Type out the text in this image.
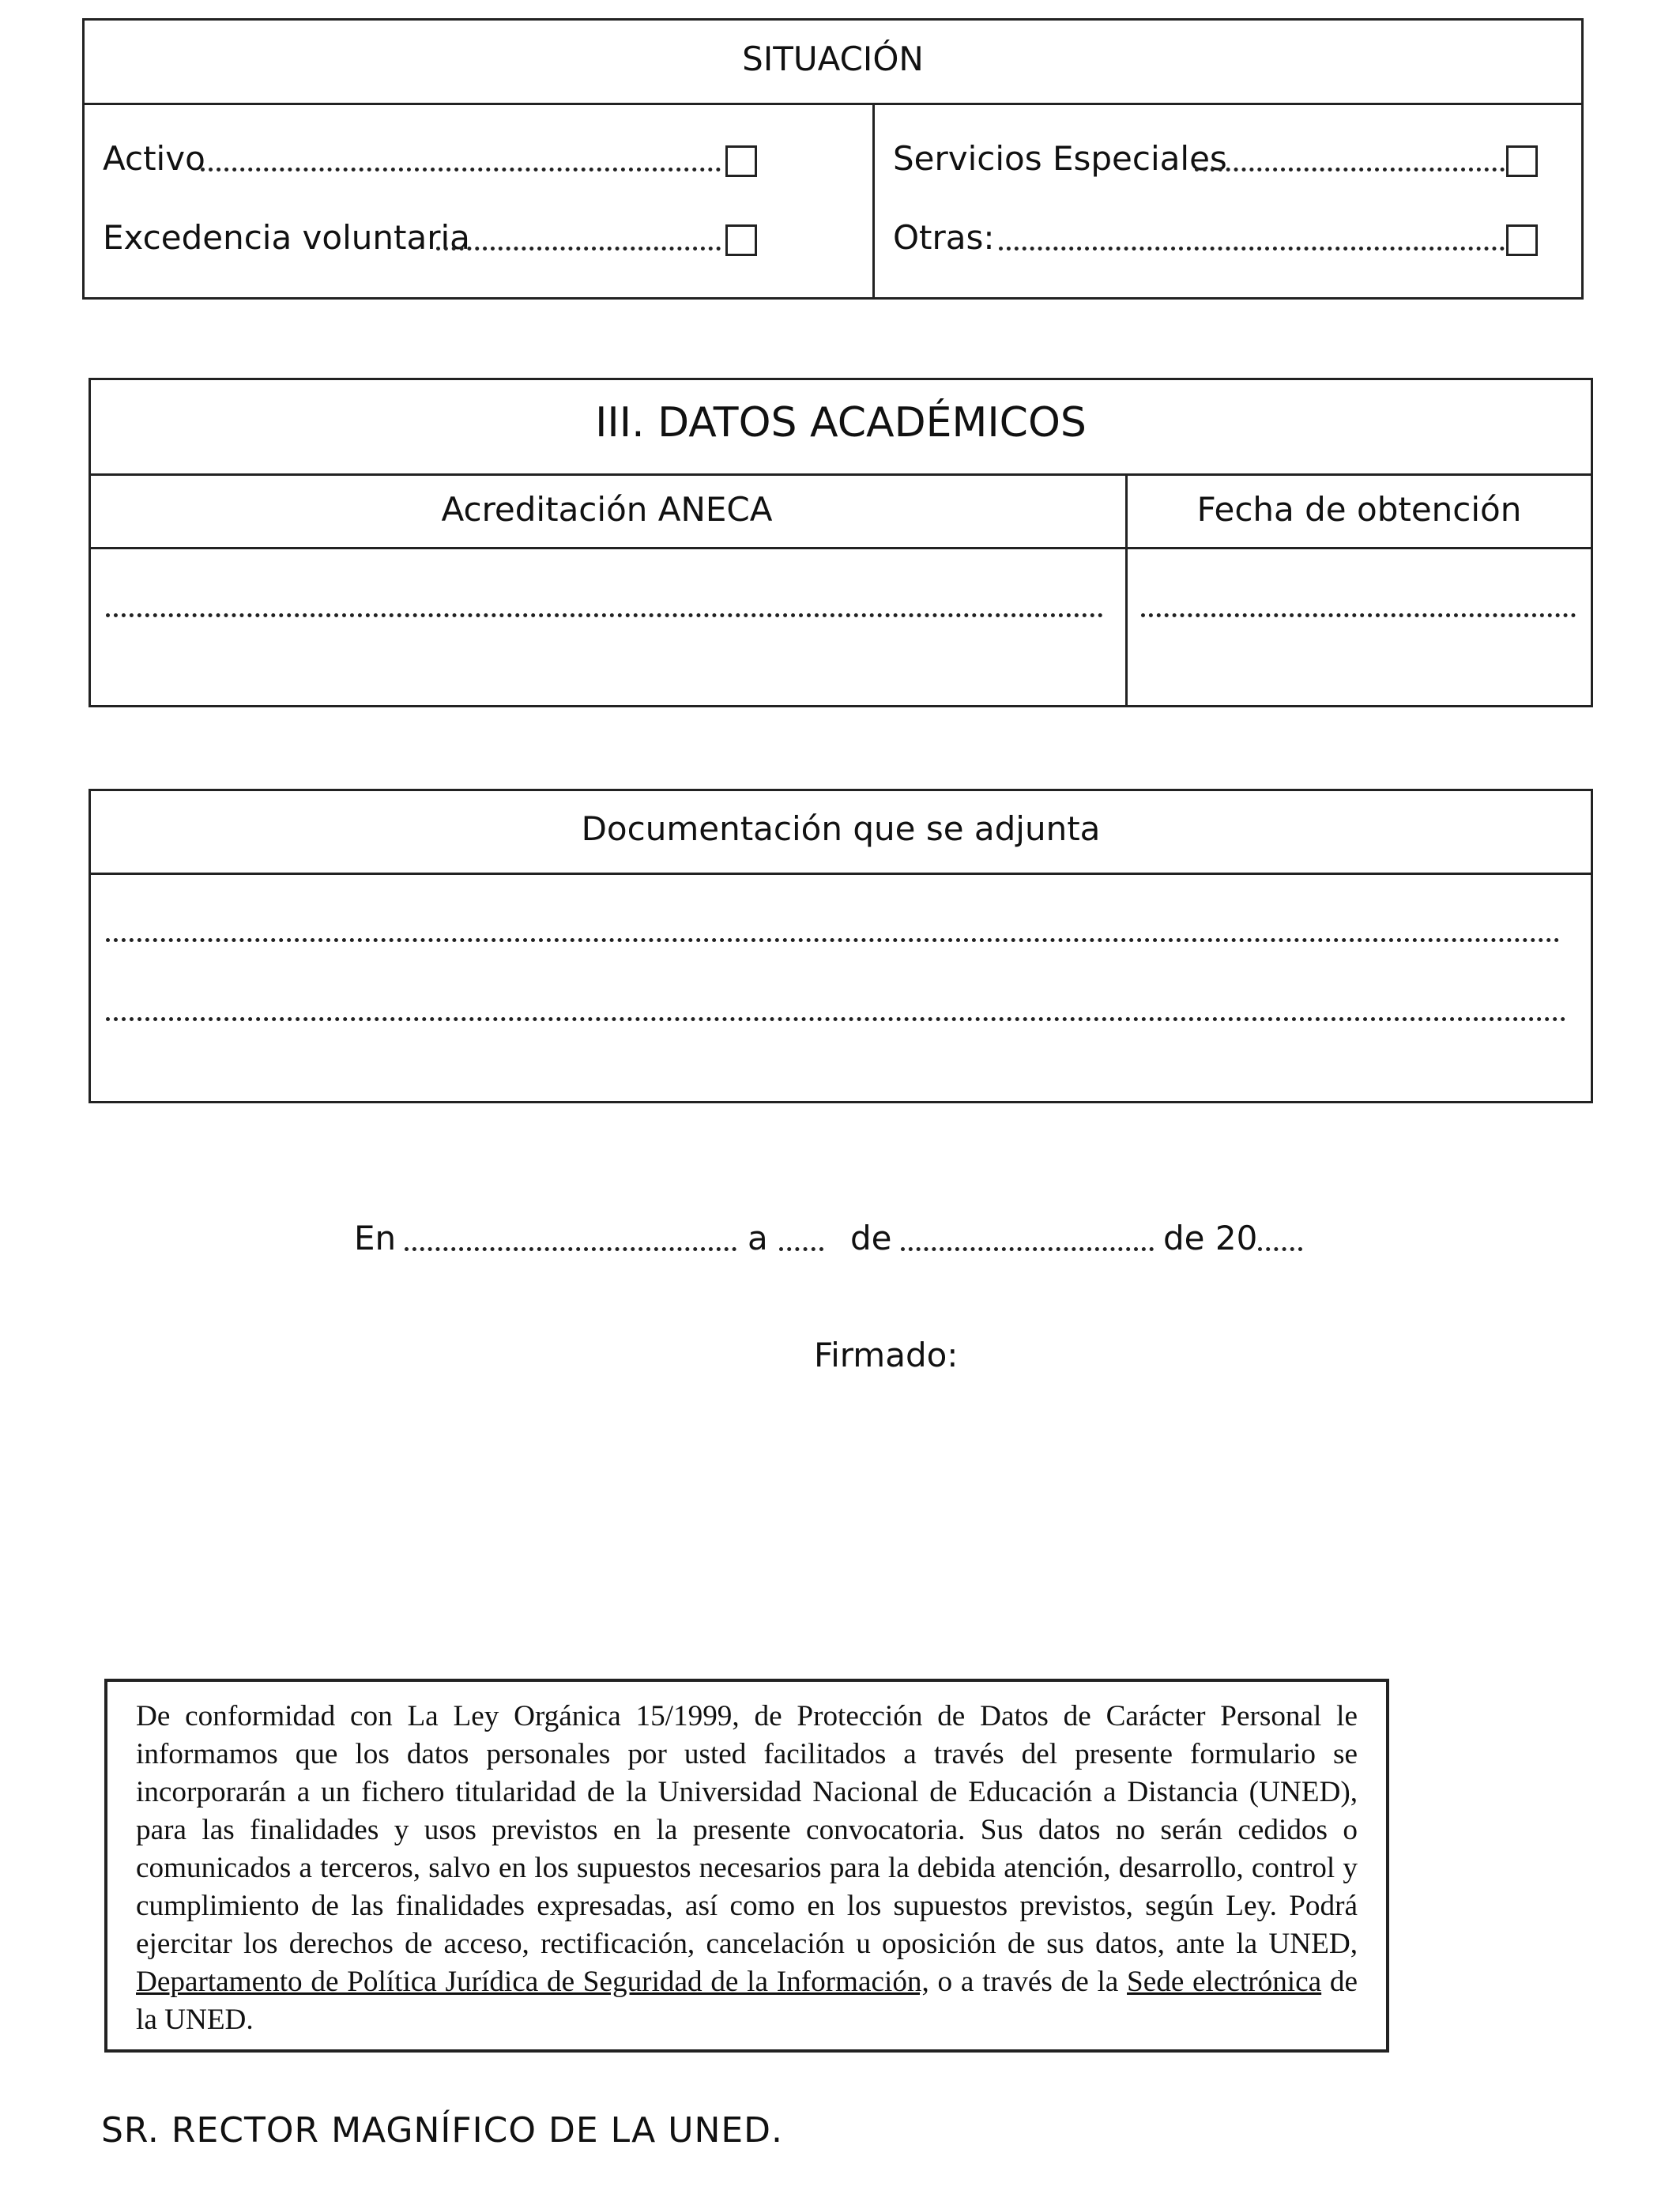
SITUACIÓN
Activo
Excedencia voluntaria
Servicios Especiales
Otras:
III. DATOS ACADÉMICOS
Acreditación ANECA	Fecha de obtención
Documentación que se adjunta
En	a de	de 20
Firmado:
De conformidad con La Ley Orgánica 15/1999, de Protección de Datos de Carácter Personal le informamos que los datos personales por usted facilitados a través del presente formulario se incorporarán a un fichero titularidad de la Universidad Nacional de Educación a Distancia (UNED), para las finalidades y usos previstos en la presente convocatoria. Sus datos no serán cedidos o comunicados a terceros, salvo en los supuestos necesarios para la debida atención, desarrollo, control y cumplimiento de las finalidades expresadas, así como en los supuestos previstos, según Ley. Podrá ejercitar los derechos de acceso, rectificación, cancelación u oposición de sus datos, ante la UNED, Departamento de Política Jurídica de Seguridad de la Información, o a través de la Sede electrónica de la UNED.
SR. RECTOR MAGNÍFICO DE LA UNED.
